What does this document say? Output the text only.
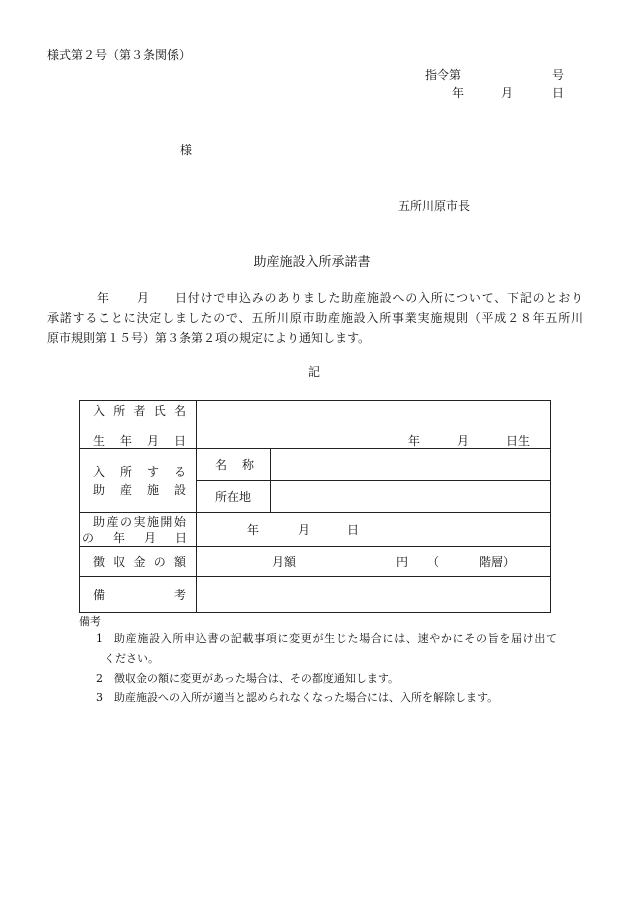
様式第２号（第３条関係）
指令第	号
年	月	日
様
五所川原市長
助産施設入所承諾書
年 月 日付けで申込みのありました助産施設への入所について、下記のとおり
承諾することに決定しましたので、五所川原市助産施設入所事業実施規則（平成２８年五所川
原市規則第１５号）第３条第２項の規定により通知します。
記
入 所 者 氏 名
生 年 月 日	年	月	日生
入 所 す る
助 産 施 設
名 称
所在地
助 産 の 実 施 開 始
の 年 月 日
年	月	日
徴 収 金 の 額	月額	円 （	階層）
備	考
備考
1 助産施設入所申込書の記載事項に変更が生じた場合には、速やかにその旨を届け出て
ください。
2 徴収金の額に変更があった場合は、その都度通知します。
3 助産施設への入所が適当と認められなくなった場合には、入所を解除します。
